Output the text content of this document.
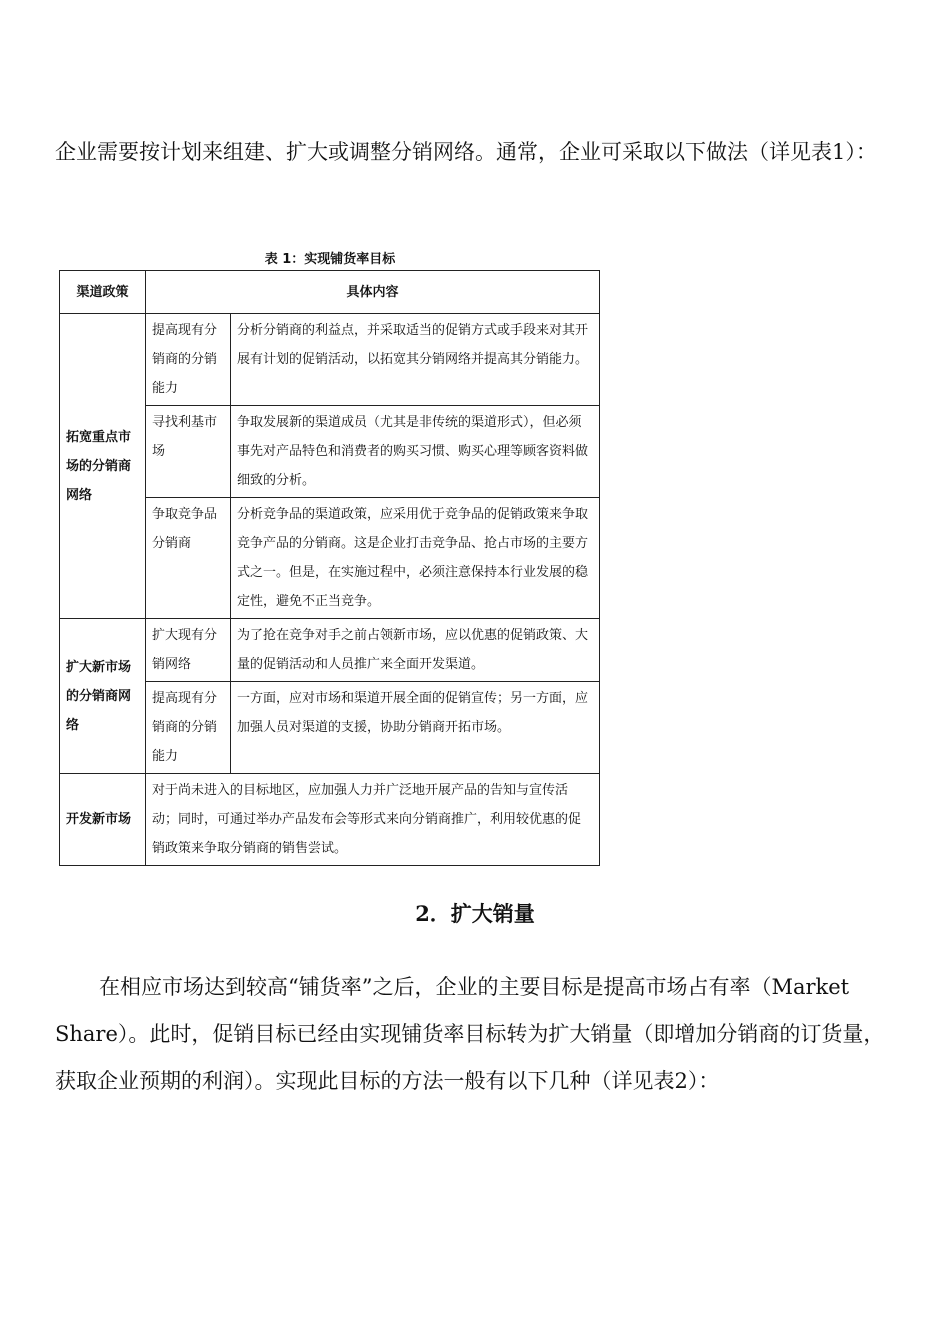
企业需要按计划来组建、扩大或调整分销网络。通常，企业可采取以下做法（详见表1）：

表 1：实现铺货率目标
渠道政策	具体内容	
拓宽重点市场的分销商网络	提高现有分销商的分销能力	分析分销商的利益点，并采取适当的促销方式或手段来对其开展有计划的促销活动，以拓宽其分销网络并提高其分销能力。
	寻找利基市场	争取发展新的渠道成员（尤其是非传统的渠道形式），但必须事先对产品特色和消费者的购买习惯、购买心理等顾客资料做细致的分析。
	争取竞争品分销商	分析竞争品的渠道政策，应采用优于竞争品的促销政策来争取竞争产品的分销商。这是企业打击竞争品、抢占市场的主要方式之一。但是，在实施过程中，必须注意保持本行业发展的稳定性，避免不正当竞争。
扩大新市场的分销商网络	扩大现有分销网络	为了抢在竞争对手之前占领新市场，应以优惠的促销政策、大量的促销活动和人员推广来全面开发渠道。
	提高现有分销商的分销能力	一方面，应对市场和渠道开展全面的促销宣传；另一方面，应加强人员对渠道的支援，协助分销商开拓市场。
开发新市场	对于尚未进入的目标地区，应加强人力并广泛地开展产品的告知与宣传活动；同时，可通过举办产品发布会等形式来向分销商推广，利用较优惠的促销政策来争取分销商的销售尝试。	
2．扩大销量

在相应市场达到较高“铺货率”之后，企业的主要目标是提高市场占有率（Market Share）。此时，促销目标已经由实现铺货率目标转为扩大销量（即增加分销商的订货量，获取企业预期的利润）。实现此目标的方法一般有以下几种（详见表2）：
